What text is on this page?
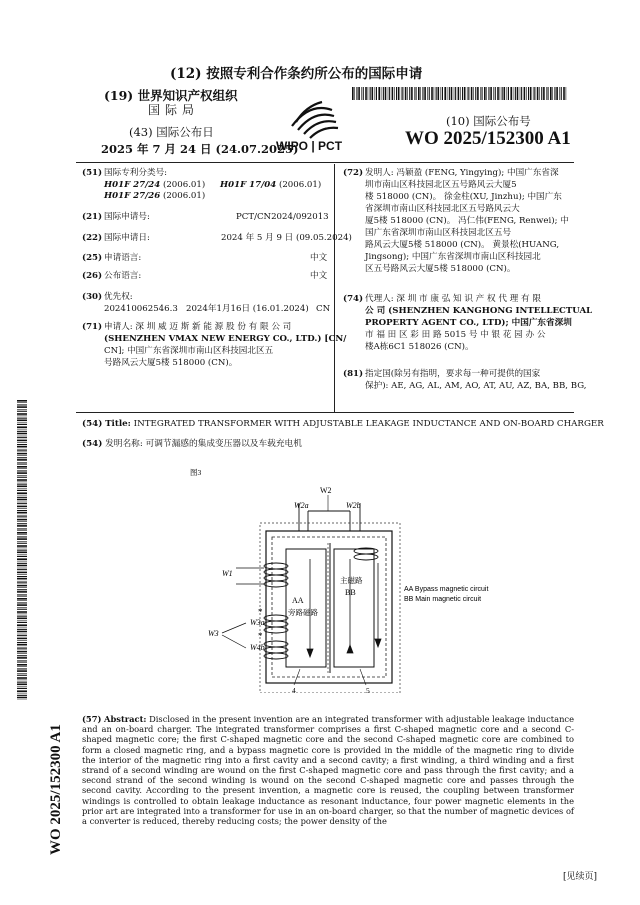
(12) 按照专利合作条约所公布的国际申请
(19) 世界知识产权组织
国际局
(43) 国际公布日
2025 年 7 月 24 日 (24.07.2025)
WIPO | PCT
(10) 国际公布号
WO 2025/152300 A1
WO 2025/152300 A1
(51) 国际专利分类号:
H01F 27/24 (2006.01) H01F 17/04 (2006.01)
H01F 27/26 (2006.01)
(21) 国际申请号:	PCT/CN2024/092013
(22) 国际申请日:	2024 年 5 月 9 日 (09.05.2024)
(25) 申请语言:	中文
(26) 公布语言:	中文
(30) 优先权:
202410062546.3 2024年1月16日 (16.01.2024) CN
(71) 申请人: 深 圳 威 迈 斯 新 能 源 股 份 有 限 公 司
(SHENZHEN VMAX NEW ENERGY CO., LTD.) [CN/
CN]; 中国广东省深圳市南山区科技园北区五
号路风云大厦5楼 518000 (CN)。
(72) 发明人: 冯颖盈 (FENG, Yingying); 中国广东省深
圳市南山区科技园北区五号路风云大厦5
楼 518000 (CN)。 徐金柱(XU, Jinzhu); 中国广东
省深圳市南山区科技园北区五号路风云大
厦5楼 518000 (CN)。 冯仁伟(FENG, Renwei); 中
国广东省深圳市南山区科技园北区五号
路风云大厦5楼 518000 (CN)。 黄景松(HUANG,
Jingsong); 中国广东省深圳市南山区科技园北
区五号路风云大厦5楼 518000 (CN)。
(74) 代理人: 深 圳 市 康 弘 知 识 产 权 代 理 有 限
公 司 (SHENZHEN KANGHONG INTELLECTUAL
PROPERTY AGENT CO., LTD); 中国广东省深圳
市 福 田 区 彩 田 路 5015 号 中 银 花 园 办 公
楼A栋6C1 518026 (CN)。
(81) 指定国(除另有指明，要求每一种可提供的国家
保护): AE, AG, AL, AM, AO, AT, AU, AZ, BA, BB, BG,
(54) Title: INTEGRATED TRANSFORMER WITH ADJUSTABLE LEAKAGE INDUCTANCE AND ON-BOARD CHARGER
(54) 发明名称: 可调节漏感的集成变压器以及车载充电机
图3
W2
W2a	W2b
W1
W3a
W4b
W3
*
*
AA
旁路磁路
主磁路
BB
4	5
AA Bypass magnetic circuit
BB Main magnetic circuit
(57) Abstract: Disclosed in the present invention are an integrated transformer with adjustable leakage inductance and an on-board charger. The integrated transformer comprises a first C-shaped magnetic core and a second C-shaped magnetic core; the first C-shaped magnetic core and the second C-shaped magnetic core are combined to form a closed magnetic ring, and a bypass magnetic core is provided in the middle of the magnetic ring to divide the interior of the magnetic ring into a first cavity and a second cavity; a first winding, a third winding and a first strand of a second winding are wound on the first C-shaped magnetic core and pass through the first cavity; and a second strand of the second winding is wound on the second C-shaped magnetic core and passes through the second cavity. According to the present invention, a magnetic core is reused, the coupling between transformer windings is controlled to obtain leakage inductance as resonant inductance, four power magnetic elements in the prior art are integrated into a transformer for use in an on-board charger, so that the number of magnetic devices of a converter is reduced, thereby reducing costs; the power density of the
[见续页]
